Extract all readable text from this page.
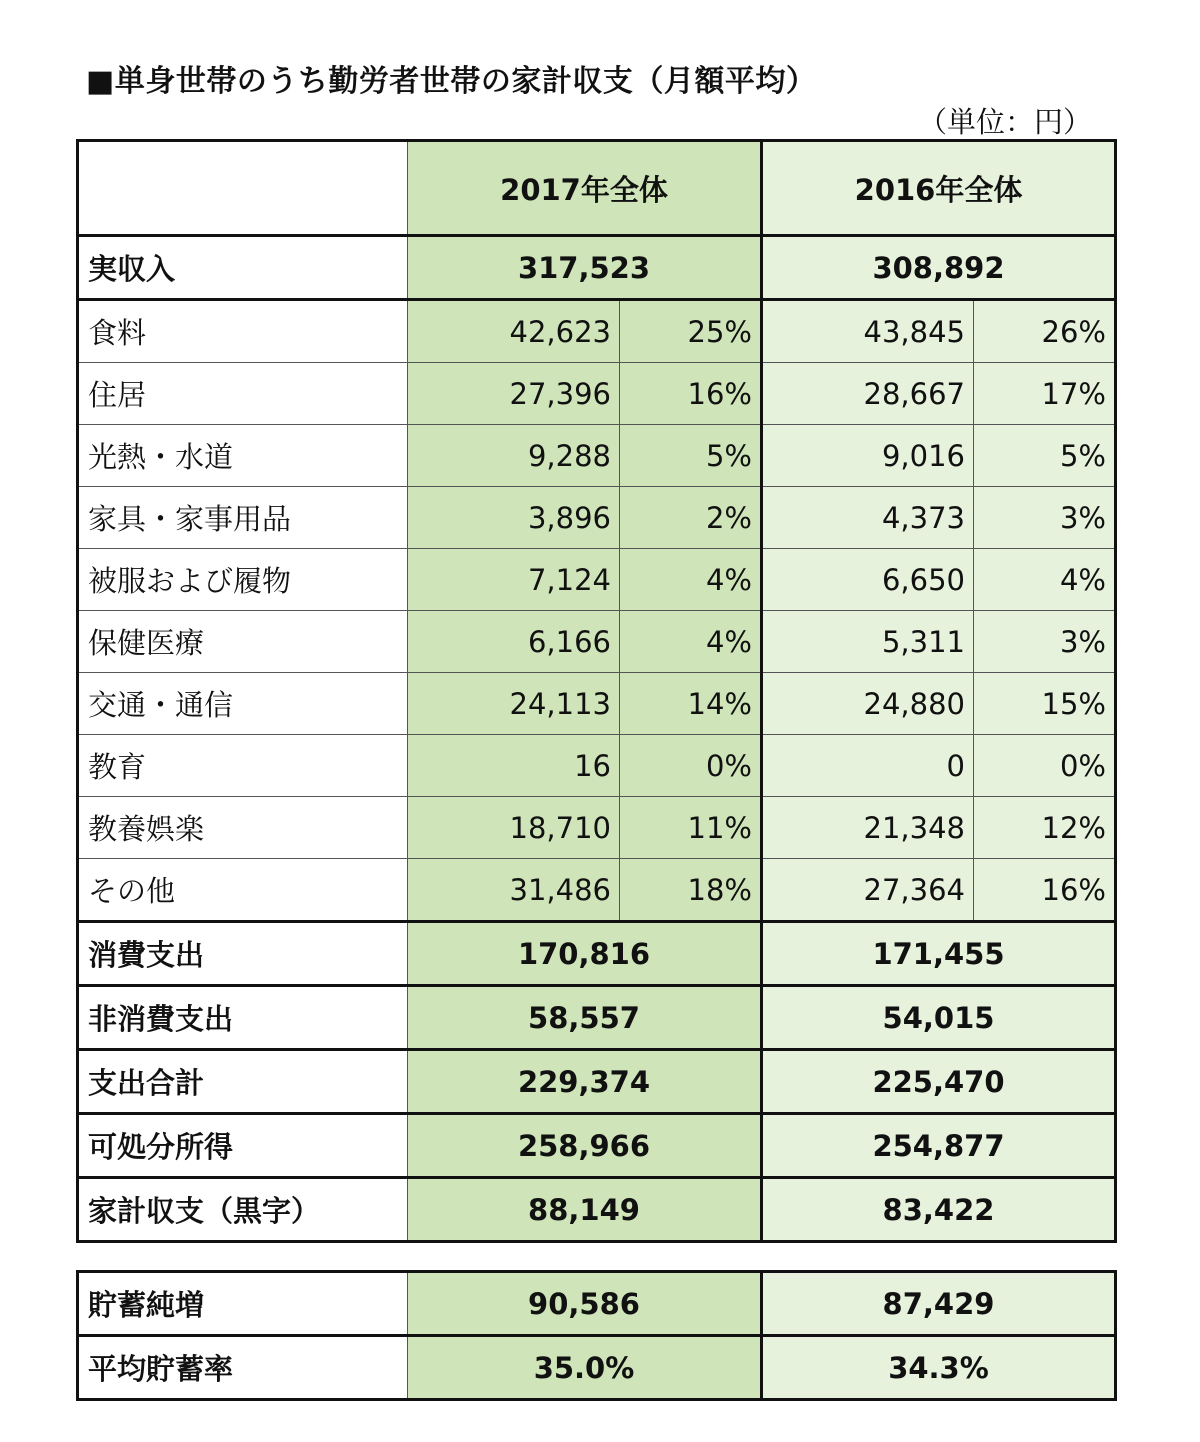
■単身世帯のうち勤労者世帯の家計収支（月額平均）
（単位：円）
	2017年全体		2016年全体	
実収入	317,523		308,892	
食料	42,623	25%	43,845	26%
住居	27,396	16%	28,667	17%
光熱・水道	9,288	5%	9,016	5%
家具・家事用品	3,896	2%	4,373	3%
被服および履物	7,124	4%	6,650	4%
保健医療	6,166	4%	5,311	3%
交通・通信	24,113	14%	24,880	15%
教育	16	0%	0	0%
教養娯楽	18,710	11%	21,348	12%
その他	31,486	18%	27,364	16%
消費支出	170,816		171,455	
非消費支出	58,557		54,015	
支出合計	229,374		225,470	
可処分所得	258,966		254,877	
家計収支（黒字）	88,149		83,422	
貯蓄純増	90,586	87,429
平均貯蓄率	35.0%	34.3%
